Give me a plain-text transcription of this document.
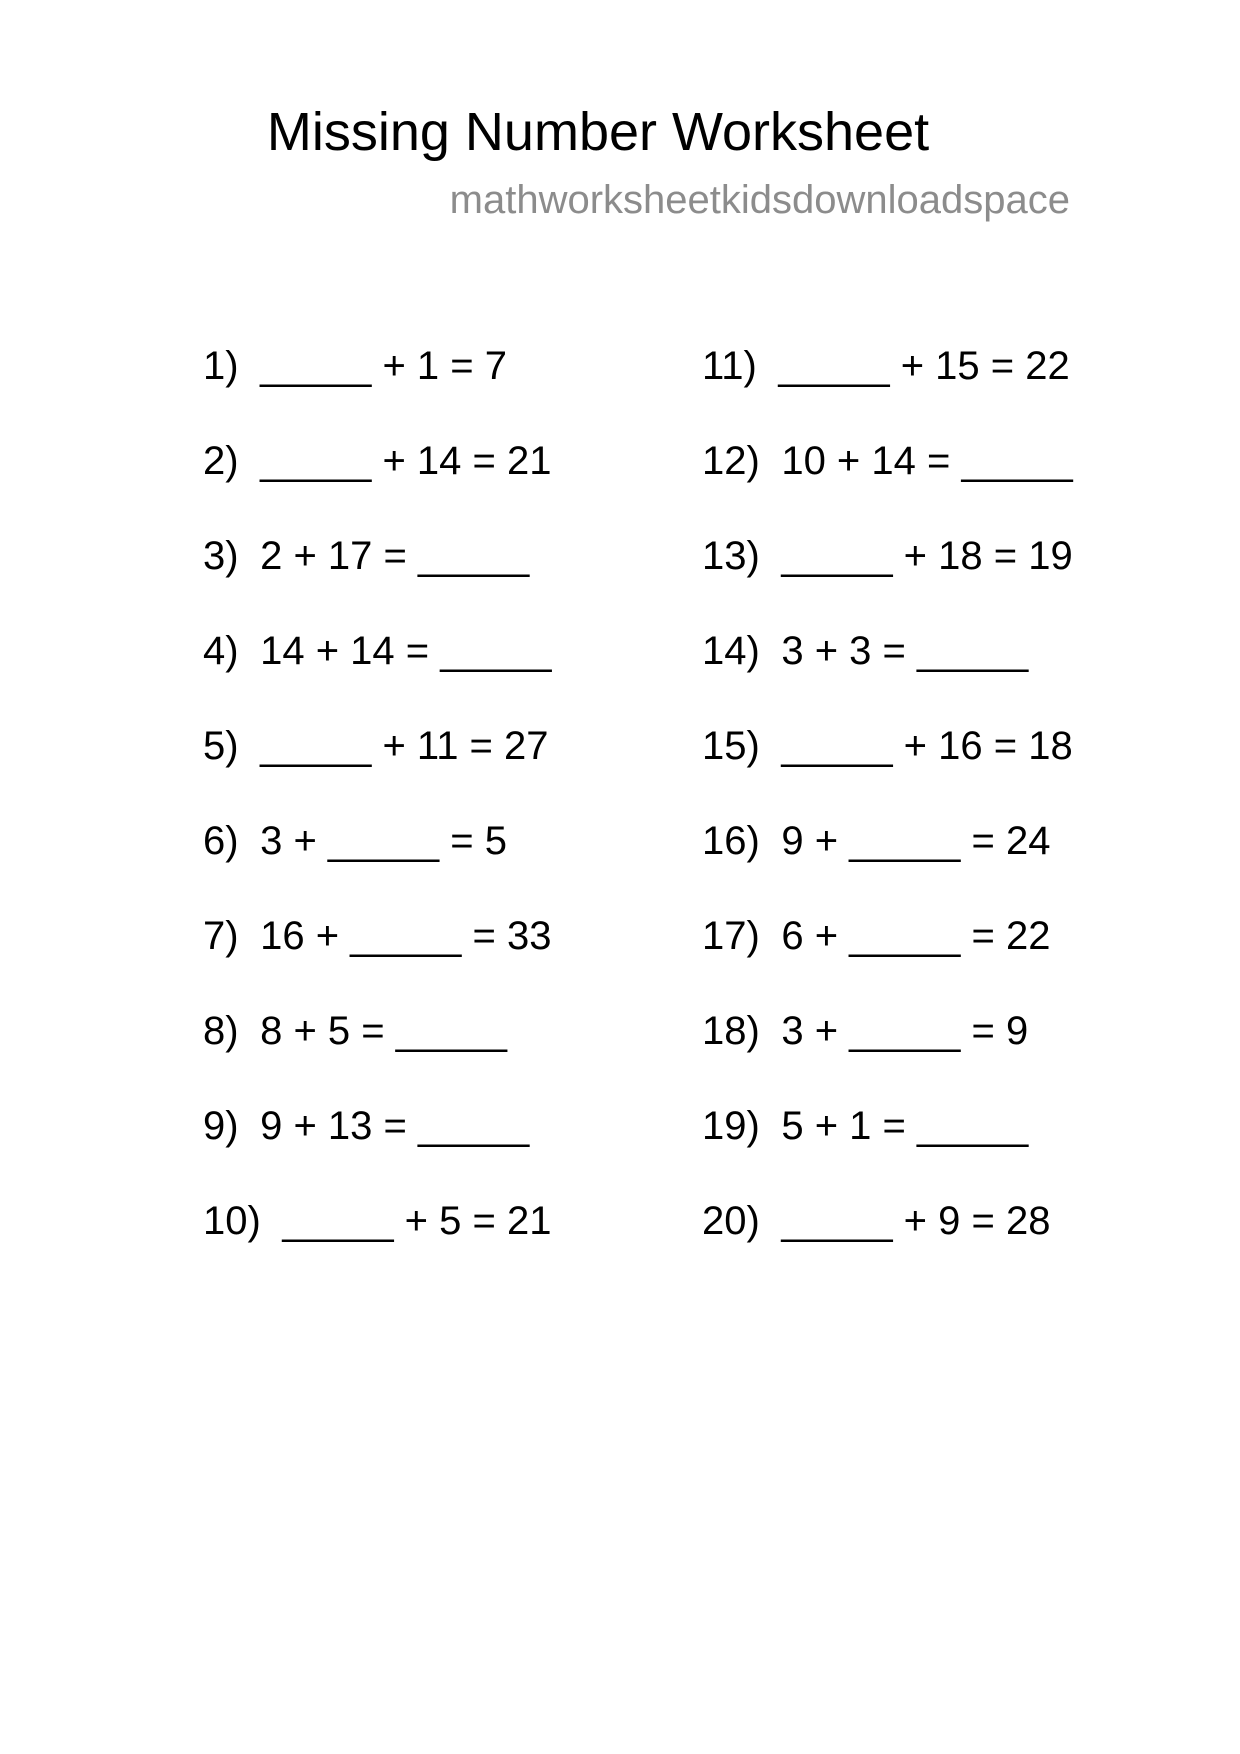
Missing Number Worksheet
mathworksheetkidsdownloadspace
1) _____ + 1 = 7
2) _____ + 14 = 21
3) 2 + 17 = _____
4) 14 + 14 = _____
5) _____ + 11 = 27
6) 3 + _____ = 5
7) 16 + _____ = 33
8) 8 + 5 = _____
9) 9 + 13 = _____
10) _____ + 5 = 21
11) _____ + 15 = 22
12) 10 + 14 = _____
13) _____ + 18 = 19
14) 3 + 3 = _____
15) _____ + 16 = 18
16) 9 + _____ = 24
17) 6 + _____ = 22
18) 3 + _____ = 9
19) 5 + 1 = _____
20) _____ + 9 = 28
